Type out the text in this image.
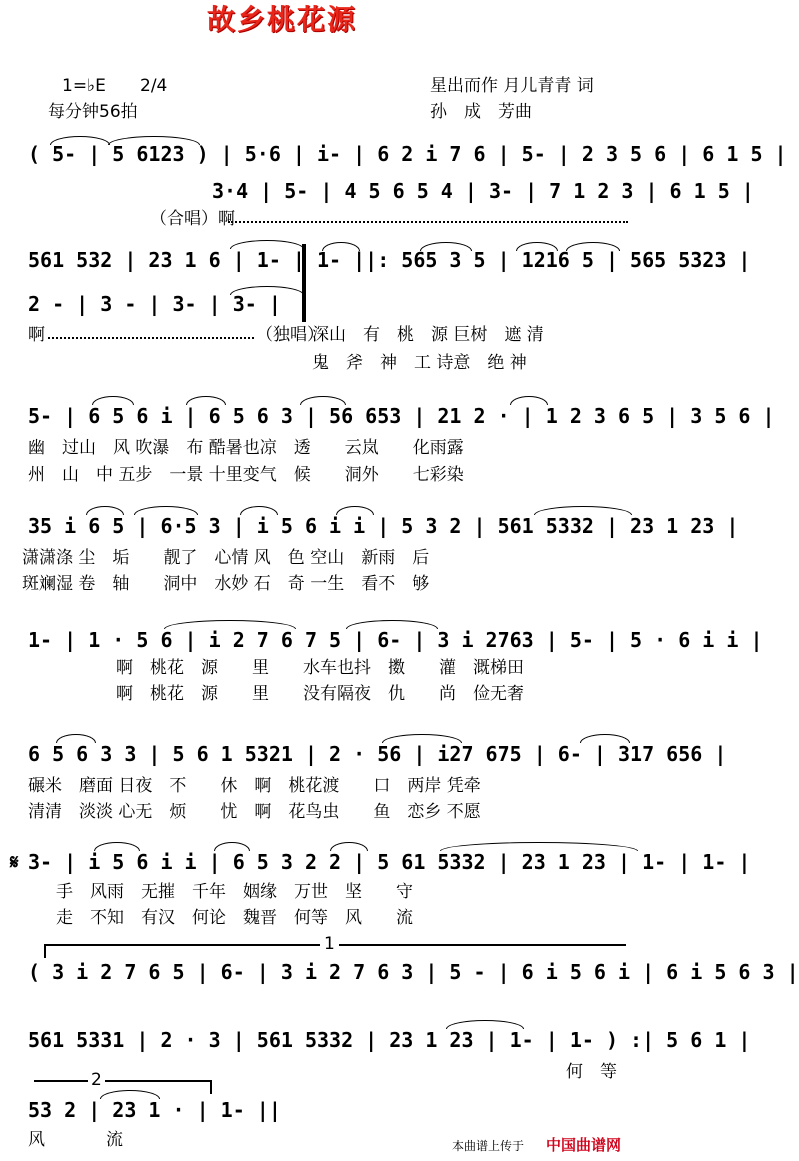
故乡桃花源
1=♭E 2/4
每分钟56拍
星出而作 月儿青青 词
孙　成　芳曲
( 5- | 5 6123 ) | 5·6 | i- | 6 2 i 7 6 | 5- | 2 3 5 6 | 6 1 5 |
3·4 | 5- | 4 5 6 5 4 | 3- | 7 1 2 3 | 6 1 5 |
（合唱）啊
561 532 | 23 1 6 | 1- | 1- ||: 565 3 5 | 1216 5 | 565 5323 |
2 - | 3 - | 3- | 3- |
啊	（独唱）
深山　有　桃　源 巨树　遮 清
鬼　斧　神　工 诗意　绝 神
5- | 6 5 6 i | 6 5 6 3 | 56 653 | 21 2 · | 1 2 3 6 5 | 3 5 6 |
幽　过山　风 吹瀑　布 酷暑也凉　透　　云岚　　化雨露
州　山　中 五步　一景 十里变气　候　　洞外　　七彩染
35 i 6 5 | 6·5 3 | i 5 6 i i | 5 3 2 | 561 5332 | 23 1 23 |
潇潇涤 尘　垢　　靓了　心情 风　色 空山　新雨　后
斑斓湿 卷　轴　　洞中　水妙 石　奇 一生　看不　够
1- | 1 · 5 6 | i 2 7 6 7 5 | 6- | 3 i 2763 | 5- | 5 · 6 i i |
啊　桃花　源　　里　　水车也抖　擞　　灌　溉梯田
啊　桃花　源　　里　　没有隔夜　仇　　尚　俭无奢
6 5 6 3 3 | 5 6 1 5321 | 2 · 56 | i27 675 | 6- | 317 656 |
碾米　磨面 日夜　不　　休　啊　桃花渡　　口　两岸 凭牵
清清　淡淡 心无　烦　　忧　啊　花鸟虫　　鱼　恋乡 不愿
𝄋 3- | i 5 6 i i | 6 5 3 2 2 | 5 61 5332 | 23 1 23 | 1- | 1- |
手　风雨　无摧　千年　姻缘　万世　坚　　守
走　不知　有汉　何论　魏晋　何等　风　　流
1
( 3 i 2 7 6 5 | 6- | 3 i 2 7 6 3 | 5 - | 6 i 5 6 i | 6 i 5 6 3 |
561 5331 | 2 · 3 | 561 5332 | 23 1 23 | 1- | 1- ) :| 5 6 1 |
何　等
2
53 2 | 23 1 · | 1- ||
风	流	本曲谱上传于 中国曲谱网
